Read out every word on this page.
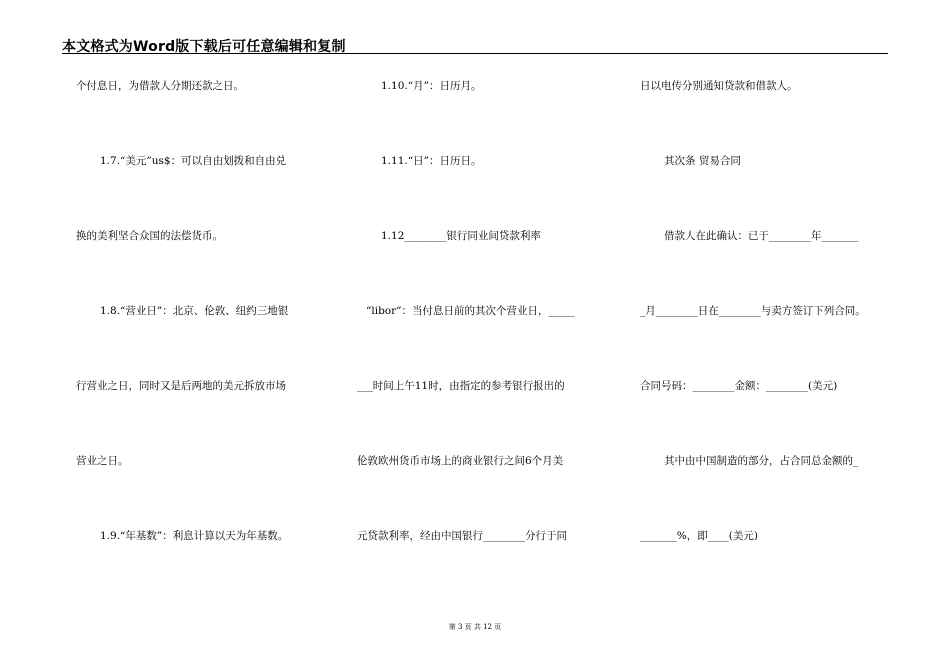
本文格式为Word版下载后可任意编辑和复制
个付息日，为借款人分期还款之日。
1.7.“美元”us$：可以自由划拨和自由兑
换的美利坚合众国的法偿货币。
1.8.“营业日”：北京、伦敦、纽约三地银
行营业之日，同时又是后两地的美元拆放市场
营业之日。
1.9.“年基数”：利息计算以天为年基数。
1.10.“月”：日历月。
1.11.“日”：日历日。
1.12________银行同业间贷款利率
“libor”：当付息日前的其次个营业日，_____
___时间上午11时，由指定的参考银行报出的
伦敦欧州货币市场上的商业银行之间6个月美
元贷款利率，经由中国银行________分行于同
日以电传分别通知贷款和借款人。
其次条 贸易合同
借款人在此确认：已于________年_______
_月________日在________与卖方签订下列合同。
合同号码：________金额：________(美元)
其中由中国制造的部分，占合同总金额的_
_______%，即____(美元)
第 3 页 共 12 页
